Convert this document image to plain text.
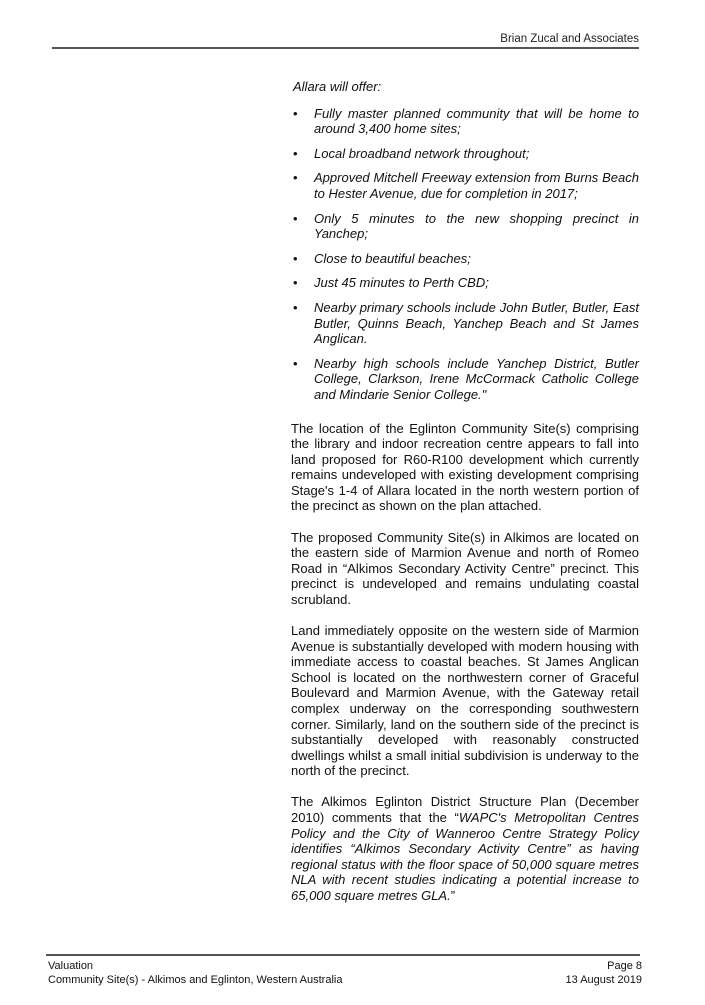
Brian Zucal and Associates
Allara will offer:
• Fully master planned community that will be home to around 3,400 home sites;
• Local broadband network throughout;
• Approved Mitchell Freeway extension from Burns Beach to Hester Avenue, due for completion in 2017;
• Only 5 minutes to the new shopping precinct in Yanchep;
• Close to beautiful beaches;
• Just 45 minutes to Perth CBD;
• Nearby primary schools include John Butler, Butler, East Butler, Quinns Beach, Yanchep Beach and St James Anglican.
• Nearby high schools include Yanchep District, Butler College, Clarkson, Irene McCormack Catholic College and Mindarie Senior College."

The location of the Eglinton Community Site(s) comprising the library and indoor recreation centre appears to fall into land proposed for R60-R100 development which currently remains undeveloped with existing development comprising Stage's 1-4 of Allara located in the north western portion of the precinct as shown on the plan attached.

The proposed Community Site(s) in Alkimos are located on the eastern side of Marmion Avenue and north of Romeo Road in “Alkimos Secondary Activity Centre” precinct. This precinct is undeveloped and remains undulating coastal scrubland.

Land immediately opposite on the western side of Marmion Avenue is substantially developed with modern housing with immediate access to coastal beaches. St James Anglican School is located on the northwestern corner of Graceful Boulevard and Marmion Avenue, with the Gateway retail complex underway on the corresponding southwestern corner. Similarly, land on the southern side of the precinct is substantially developed with reasonably constructed dwellings whilst a small initial subdivision is underway to the north of the precinct.

The Alkimos Eglinton District Structure Plan (December 2010) comments that the “WAPC's Metropolitan Centres Policy and the City of Wanneroo Centre Strategy Policy identifies “Alkimos Secondary Activity Centre” as having regional status with the floor space of 50,000 square metres NLA with recent studies indicating a potential increase to 65,000 square metres GLA.”

Valuation
Community Site(s) - Alkimos and Eglinton, Western Australia
Page 8
13 August 2019
